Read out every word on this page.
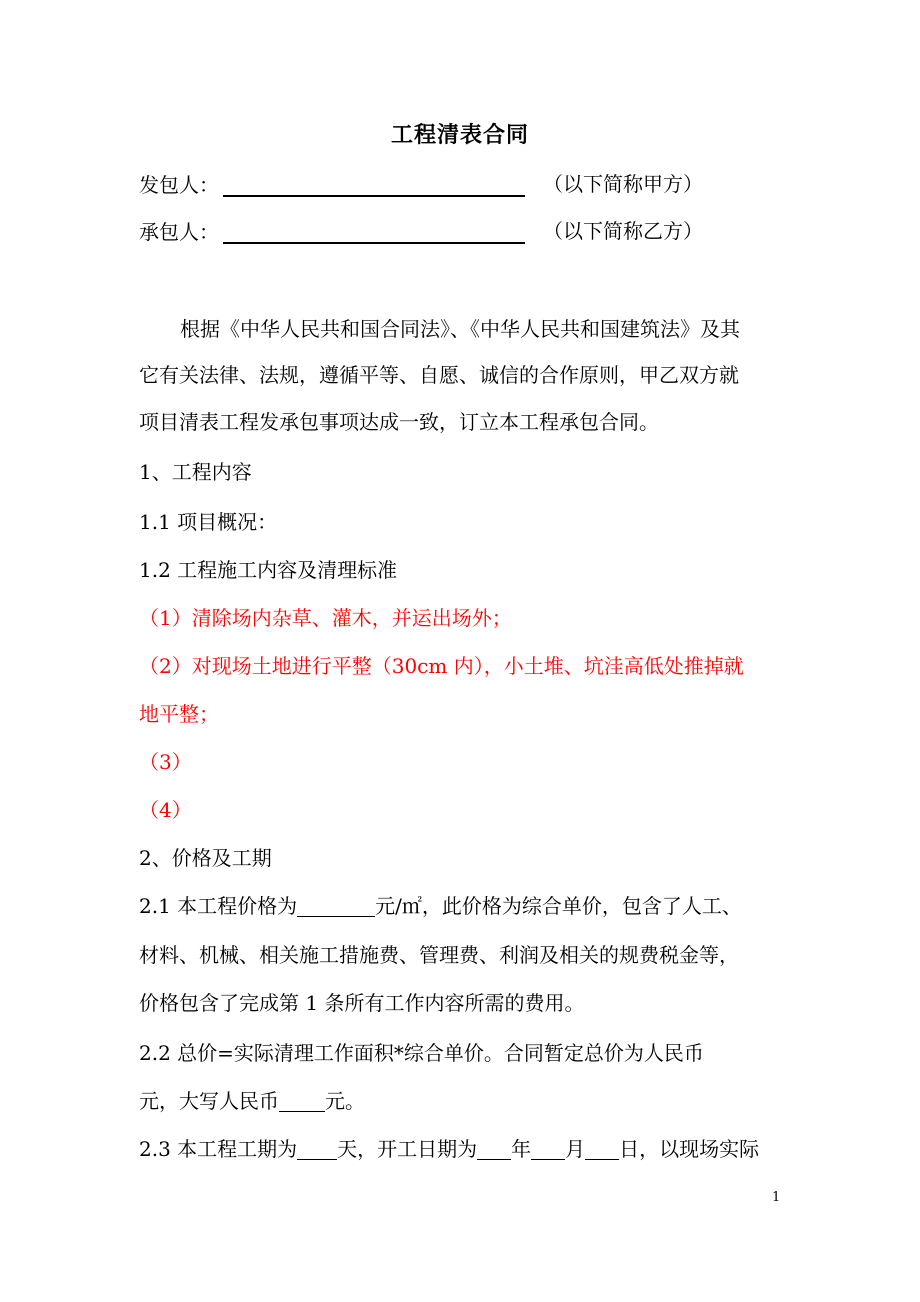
工程清表合同
发包人：	（以下简称甲方）
承包人：	（以下简称乙方）
根据《中华人民共和国合同法》、《中华人民共和国建筑法》及其
它有关法律、法规，遵循平等、自愿、诚信的合作原则，甲乙双方就
项目清表工程发承包事项达成一致，订立本工程承包合同。
1、工程内容
1.1 项目概况：
1.2 工程施工内容及清理标准
（1）清除场内杂草、灌木，并运出场外；
（2）对现场土地进行平整（30cm 内），小土堆、坑洼高低处推掉就
地平整；
（3）
（4）
2、价格及工期
2.1 本工程价格为	元/㎡，此价格为综合单价，包含了人工、
材料、机械、相关施工措施费、管理费、利润及相关的规费税金等，
价格包含了完成第 1 条所有工作内容所需的费用。
2.2 总价=实际清理工作面积*综合单价。合同暂定总价为人民币
元，大写人民币 元。
2.3 本工程工期为 天，开工日期为 年 月 日，以现场实际
1
